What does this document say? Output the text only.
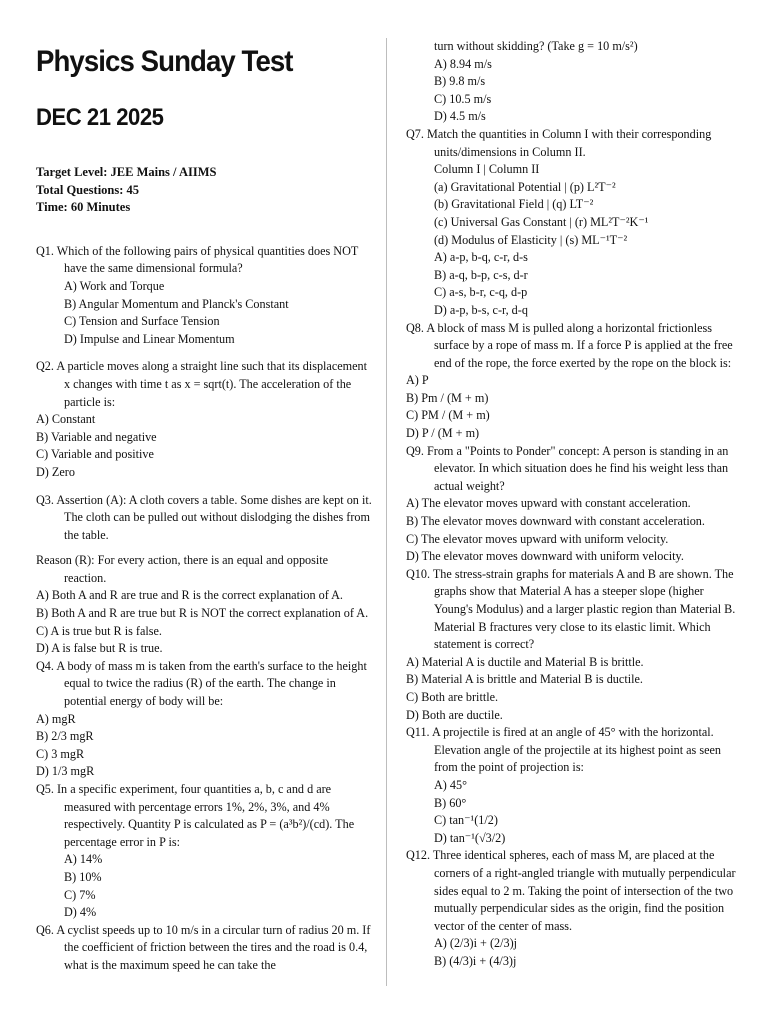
Physics Sunday Test
DEC 21 2025
Target Level: JEE Mains / AIIMS
Total Questions: 45
Time: 60 Minutes
Q1. Which of the following pairs of physical quantities does NOT have the same dimensional formula?
A) Work and Torque
B) Angular Momentum and Planck's Constant
C) Tension and Surface Tension
D) Impulse and Linear Momentum
Q2. A particle moves along a straight line such that its displacement x changes with time t as x = sqrt(t). The acceleration of the particle is:
A) Constant
B) Variable and negative
C) Variable and positive
D) Zero
Q3. Assertion (A): A cloth covers a table. Some dishes are kept on it. The cloth can be pulled out without dislodging the dishes from the table.
Reason (R): For every action, there is an equal and opposite reaction.
A) Both A and R are true and R is the correct explanation of A.
B) Both A and R are true but R is NOT the correct explanation of A.
C) A is true but R is false.
D) A is false but R is true.
Q4. A body of mass m is taken from the earth's surface to the height equal to twice the radius (R) of the earth. The change in potential energy of body will be:
A) mgR
B) 2/3 mgR
C) 3 mgR
D) 1/3 mgR
Q5. In a specific experiment, four quantities a, b, c and d are measured with percentage errors 1%, 2%, 3%, and 4% respectively. Quantity P is calculated as P = (a³b²)/(cd). The percentage error in P is:
A) 14%
B) 10%
C) 7%
D) 4%
Q6. A cyclist speeds up to 10 m/s in a circular turn of radius 20 m. If the coefficient of friction between the tires and the road is 0.4, what is the maximum speed he can take the
turn without skidding? (Take g = 10 m/s²)
A) 8.94 m/s
B) 9.8 m/s
C) 10.5 m/s
D) 4.5 m/s
Q7. Match the quantities in Column I with their corresponding units/dimensions in Column II.
Column I | Column II
(a) Gravitational Potential | (p) L²T⁻²
(b) Gravitational Field | (q) LT⁻²
(c) Universal Gas Constant | (r) ML²T⁻²K⁻¹
(d) Modulus of Elasticity | (s) ML⁻¹T⁻²
A) a-p, b-q, c-r, d-s
B) a-q, b-p, c-s, d-r
C) a-s, b-r, c-q, d-p
D) a-p, b-s, c-r, d-q
Q8. A block of mass M is pulled along a horizontal frictionless surface by a rope of mass m. If a force P is applied at the free end of the rope, the force exerted by the rope on the block is:
A) P
B) Pm / (M + m)
C) PM / (M + m)
D) P / (M + m)
Q9. From a "Points to Ponder" concept: A person is standing in an elevator. In which situation does he find his weight less than actual weight?
A) The elevator moves upward with constant acceleration.
B) The elevator moves downward with constant acceleration.
C) The elevator moves upward with uniform velocity.
D) The elevator moves downward with uniform velocity.
Q10. The stress-strain graphs for materials A and B are shown. The graphs show that Material A has a steeper slope (higher Young's Modulus) and a larger plastic region than Material B. Material B fractures very close to its elastic limit. Which statement is correct?
A) Material A is ductile and Material B is brittle.
B) Material A is brittle and Material B is ductile.
C) Both are brittle.
D) Both are ductile.
Q11. A projectile is fired at an angle of 45° with the horizontal. Elevation angle of the projectile at its highest point as seen from the point of projection is:
A) 45°
B) 60°
C) tan⁻¹(1/2)
D) tan⁻¹(√3/2)
Q12. Three identical spheres, each of mass M, are placed at the corners of a right-angled triangle with mutually perpendicular sides equal to 2 m. Taking the point of intersection of the two mutually perpendicular sides as the origin, find the position vector of the center of mass.
A) (2/3)i + (2/3)j
B) (4/3)i + (4/3)j
